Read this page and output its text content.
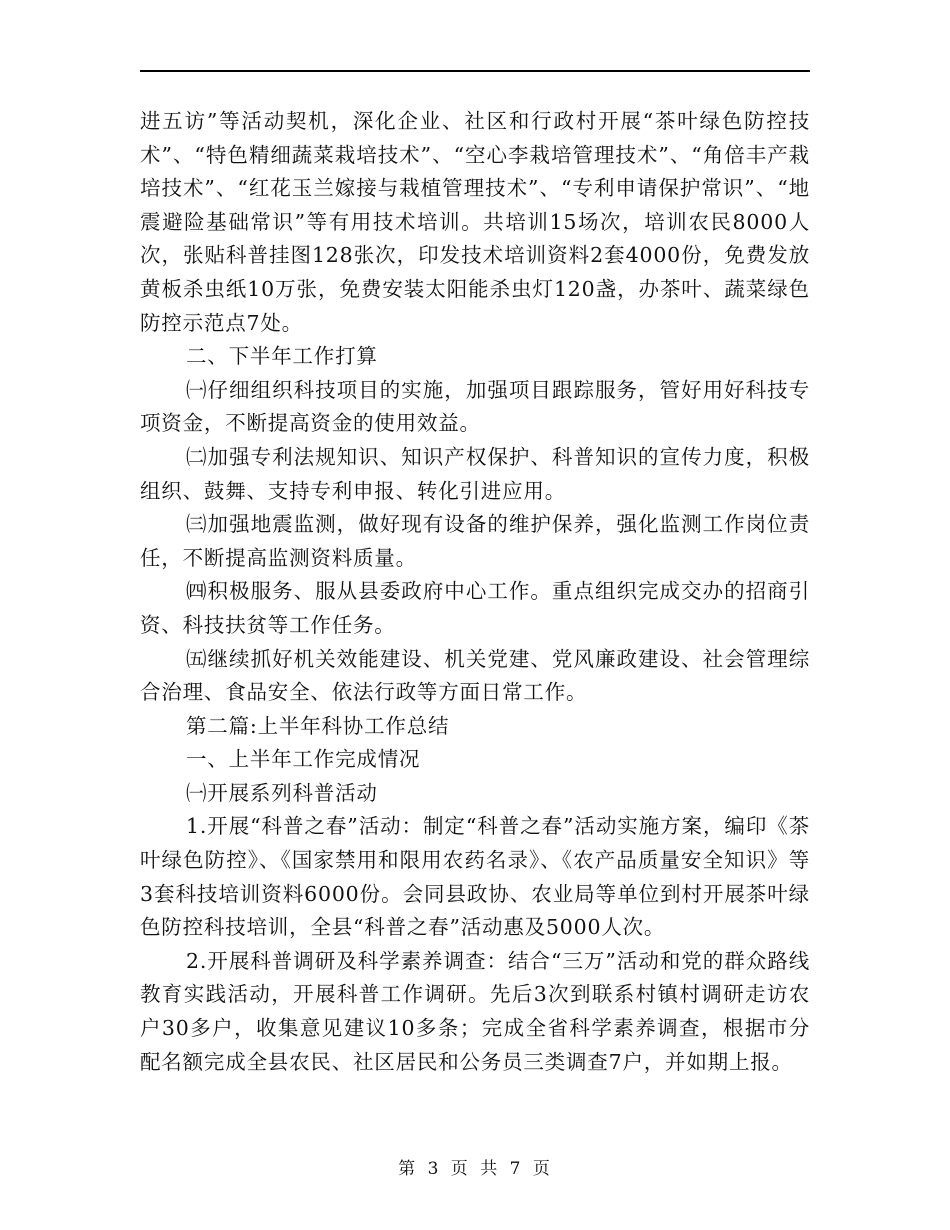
进五访”等活动契机，深化企业、社区和行政村开展“茶叶绿色防控技术”、“特色精细蔬菜栽培技术”、“空心李栽培管理技术”、“角倍丰产栽培技术”、“红花玉兰嫁接与栽植管理技术”、“专利申请保护常识”、“地震避险基础常识”等有用技术培训。共培训15场次，培训农民8000人次，张贴科普挂图128张次，印发技术培训资料2套4000份，免费发放黄板杀虫纸10万张，免费安装太阳能杀虫灯120盏，办茶叶、蔬菜绿色防控示范点7处。

二、下半年工作打算

㈠仔细组织科技项目的实施，加强项目跟踪服务，管好用好科技专项资金，不断提高资金的使用效益。

㈡加强专利法规知识、知识产权保护、科普知识的宣传力度，积极组织、鼓舞、支持专利申报、转化引进应用。

㈢加强地震监测，做好现有设备的维护保养，强化监测工作岗位责任，不断提高监测资料质量。

㈣积极服务、服从县委政府中心工作。重点组织完成交办的招商引资、科技扶贫等工作任务。

㈤继续抓好机关效能建设、机关党建、党风廉政建设、社会管理综合治理、食品安全、依法行政等方面日常工作。

第二篇:上半年科协工作总结

一、上半年工作完成情况

㈠开展系列科普活动

1.开展“科普之春”活动：制定“科普之春”活动实施方案，编印《茶叶绿色防控》、《国家禁用和限用农药名录》、《农产品质量安全知识》等3套科技培训资料6000份。会同县政协、农业局等单位到村开展茶叶绿色防控科技培训，全县“科普之春”活动惠及5000人次。

2.开展科普调研及科学素养调查：结合“三万”活动和党的群众路线教育实践活动，开展科普工作调研。先后3次到联系村镇村调研走访农户30多户，收集意见建议10多条；完成全省科学素养调查，根据市分配名额完成全县农民、社区居民和公务员三类调查7户，并如期上报。

第 3 页 共 7 页
